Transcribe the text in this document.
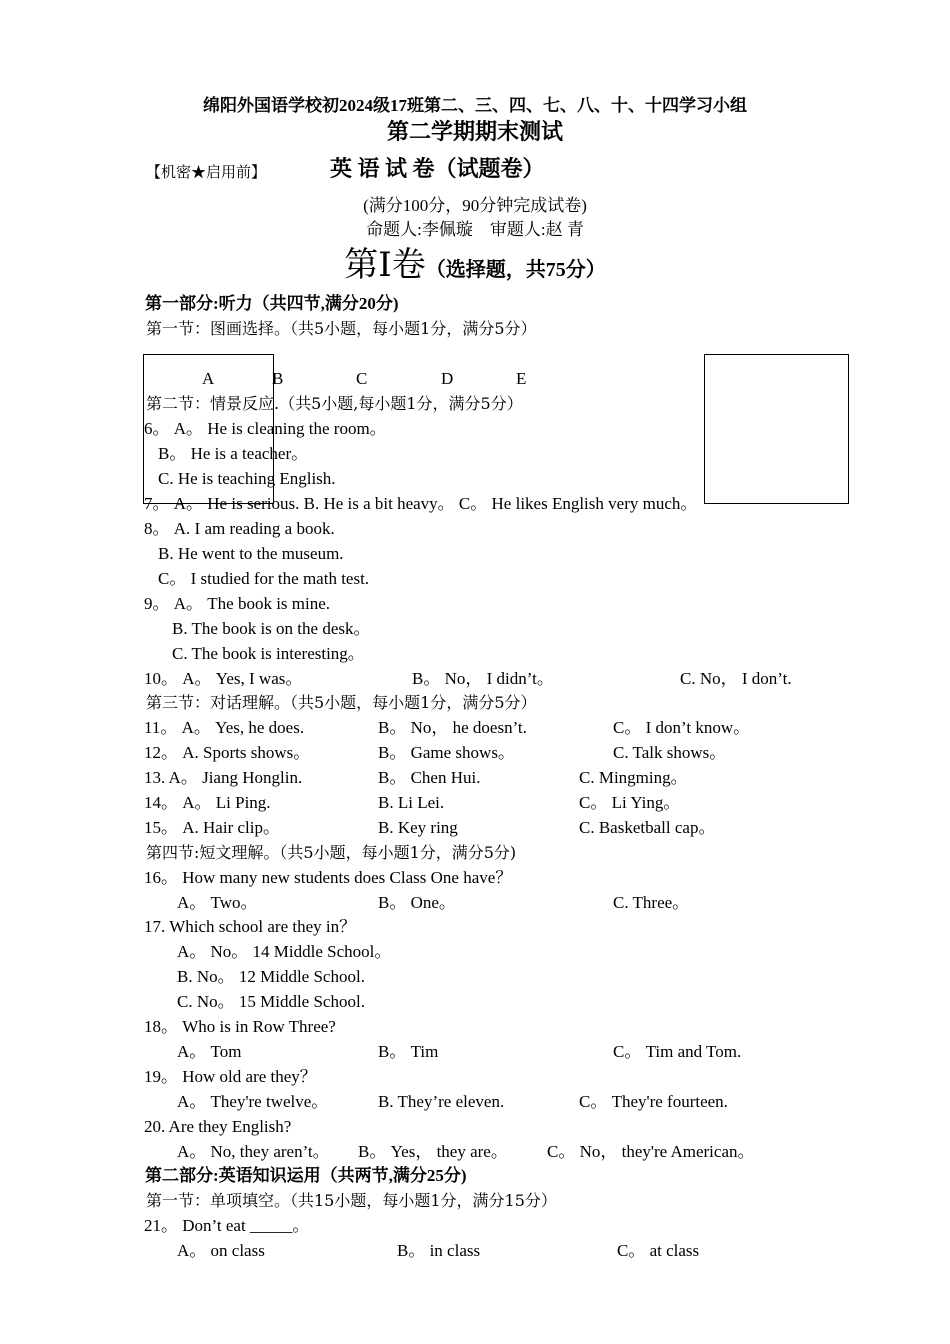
绵阳外国语学校初2024级17班第二、三、四、七、八、十、十四学习小组
第二学期期末测试
【机密★启用前】	英 语 试 卷（试题卷）
(满分100分，90分钟完成试卷)
命题人:李佩璇　审题人:赵 青
第Ⅰ卷（选择题，共75分）
第一部分:听力（共四节,满分20分)
第一节：图画选择。（共5小题，每小题1分，满分5分）
A	B	C	D	E
第二节：情景反应.（共5小题,每小题1分，满分5分）
6。 A。 He is cleaning the room。
B。 He is a teacher。
C. He is teaching English.
7。 A。 He is serious. B. He is a bit heavy。 C。 He likes English very much。
8。 A. I am reading a book.
B. He went to the museum.
C。 I studied for the math test.
9。 A。 The book is mine.
B. The book is on the desk。
C. The book is interesting。
10。 A。 Yes, I was。	B。 No， I didn’t。	C. No， I don’t.
第三节：对话理解。（共5小题，每小题1分，满分5分）
11。 A。 Yes, he does.	B。 No， he doesn’t.	C。 I don’t know。
12。 A. Sports shows。	B。 Game shows。	C. Talk shows。
13. A。 Jiang Honglin.	B。 Chen Hui.	C. Mingming。
14。 A。 Li Ping.	B. Li Lei.	C。 Li Ying。
15。 A. Hair clip。	B. Key ring	C. Basketball cap。
第四节:短文理解。（共5小题，每小题1分，满分5分)
16。 How many new students does Class One have？
A。 Two。	B。 One。	C. Three。
17. Which school are they in？
A。 No。 14 Middle School。
B. No。 12 Middle School.
C. No。 15 Middle School.
18。 Who is in Row Three?
A。 Tom	B。 Tim	C。 Tim and Tom.
19。 How old are they？
A。 They're twelve。	B. They’re eleven.	C。 They're fourteen.
20. Are they English?
A。 No, they aren’t。 B。 Yes， they are。 C。 No， they're American。
第二部分:英语知识运用（共两节,满分25分)
第一节：单项填空。（共15小题，每小题1分，满分15分）
21。 Don’t eat _____。
A。 on class	B。 in class	C。 at class
